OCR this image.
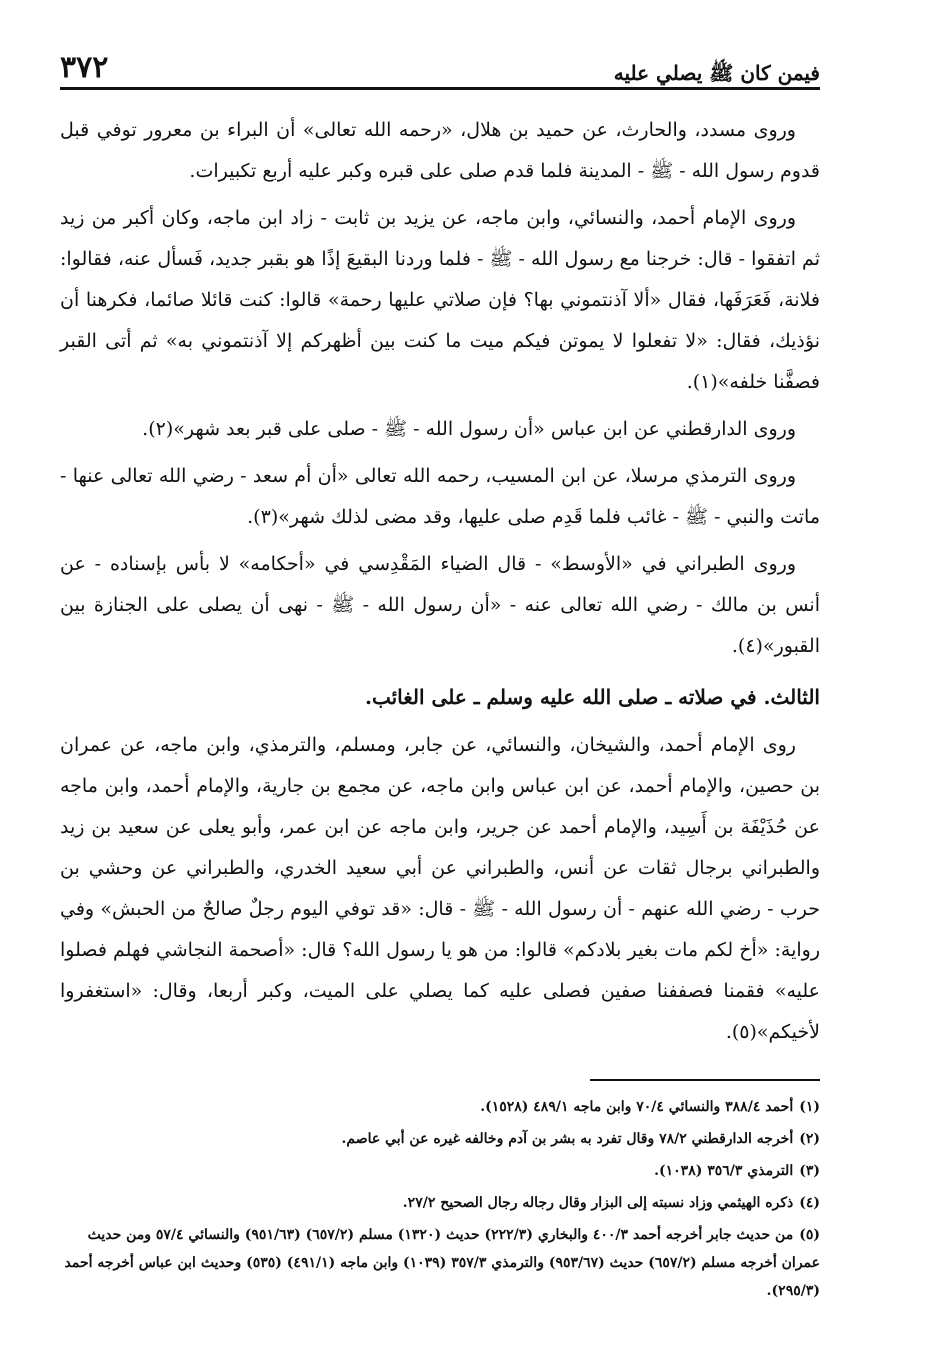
فيمن كان ﷺ يصلي عليه
٣٧٢

وروى مسدد، والحارث، عن حميد بن هلال، «رحمه الله تعالى» أن البراء بن معرور توفي قبل قدوم رسول الله - ﷺ - المدينة فلما قدم صلى على قبره وكبر عليه أربع تكبيرات.

وروى الإمام أحمد، والنسائي، وابن ماجه، عن يزيد بن ثابت - زاد ابن ماجه، وكان أكبر من زيد ثم اتفقوا - قال: خرجنا مع رسول الله - ﷺ - فلما وردنا البقيعَ إذًا هو بقبر جديد، فَسأل عنه، فقالوا: فلانة، فَعَرَفَها، فقال «ألا آذنتموني بها؟ فإن صلاتي عليها رحمة» قالوا: كنت قائلا صائما، فكرهنا أن نؤذيك، فقال: «لا تفعلوا لا يموتن فيكم ميت ما كنت بين أظهركم إلا آذنتموني به» ثم أتى القبر فصفَّنا خلفه»(١).

وروى الدارقطني عن ابن عباس «أن رسول الله - ﷺ - صلى على قبر بعد شهر»(٢).

وروى الترمذي مرسلا، عن ابن المسيب، رحمه الله تعالى «أن أم سعد - رضي الله تعالى عنها - ماتت والنبي - ﷺ - غائب فلما قَدِم صلى عليها، وقد مضى لذلك شهر»(٣).

وروى الطبراني في «الأوسط» - قال الضياء المَقْدِسي في «أحكامه» لا بأس بإسناده - عن أنس بن مالك - رضي الله تعالى عنه - «أن رسول الله - ﷺ - نهى أن يصلى على الجنازة بين القبور»(٤).

الثالث. في صلاته ـ صلى الله عليه وسلم ـ على الغائب.

روى الإمام أحمد، والشيخان، والنسائي، عن جابر، ومسلم، والترمذي، وابن ماجه، عن عمران بن حصين، والإمام أحمد، عن ابن عباس وابن ماجه، عن مجمع بن جارية، والإمام أحمد، وابن ماجه عن حُذَيْفَة بن أَسِيد، والإمام أحمد عن جرير، وابن ماجه عن ابن عمر، وأبو يعلى عن سعيد بن زيد والطبراني برجال ثقات عن أنس، والطبراني عن أبي سعيد الخدري، والطبراني عن وحشي بن حرب - رضي الله عنهم - أن رسول الله - ﷺ - قال: «قد توفي اليوم رجلٌ صالحٌ من الحبش» وفي رواية: «أخ لكم مات بغير بلادكم» قالوا: من هو يا رسول الله؟ قال: «أصحمة النجاشي فهلم فصلوا عليه» فقمنا فصففنا صفين فصلى عليه كما يصلي على الميت، وكبر أربعا، وقال: «استغفروا لأخيكم»(٥).

(١)أحمد ٣٨٨/٤ والنسائي ٧٠/٤ وابن ماجه ٤٨٩/١ (١٥٢٨).

(٢)أخرجه الدارقطني ٧٨/٢ وقال تفرد به بشر بن آدم وخالفه غيره عن أبي عاصم.

(٣)الترمذي ٣٥٦/٣ (١٠٣٨).

(٤)ذكره الهيثمي وزاد نسبته إلى البزار وقال رجاله رجال الصحيح ٢٧/٢.

(٥)من حديث جابر أخرجه أحمد ٤٠٠/٣ والبخاري (٢٢٢/٣) حديث (١٣٢٠) مسلم (٦٥٧/٢) (٩٥١/٦٣) والنسائي ٥٧/٤ ومن حديث عمران أخرجه مسلم (٦٥٧/٢) حديث (٩٥٣/٦٧) والترمذي ٣٥٧/٣ (١٠٣٩) وابن ماجه (٤٩١/١) (٥٣٥) وحديث ابن عباس أخرجه أحمد (٢٩٥/٣).
